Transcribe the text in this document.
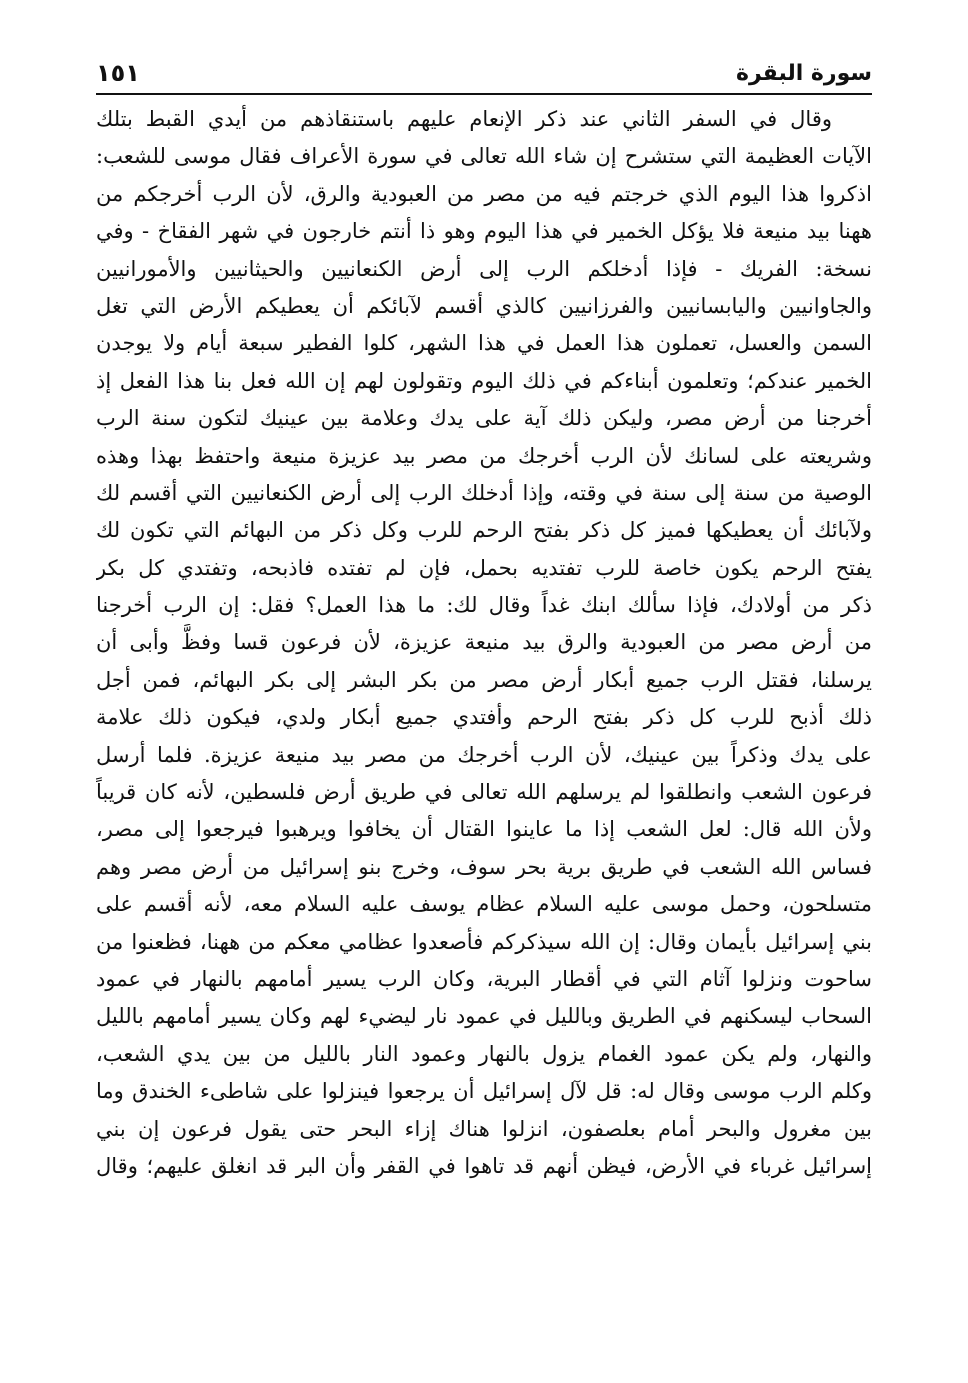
سورة البقرة
١٥١
وقال في السفر الثاني عند ذكر الإنعام عليهم باستنقاذهم من أيدي القبط بتلك
الآيات العظيمة التي ستشرح إن شاء الله تعالى في سورة الأعراف فقال موسى للشعب:
اذكروا هذا اليوم الذي خرجتم فيه من مصر من العبودية والرق، لأن الرب أخرجكم من
ههنا بيد منيعة فلا يؤكل الخمير في هذا اليوم وهو ذا أنتم خارجون في شهر الفقاخ - وفي
نسخة: الفريك - فإذا أدخلكم الرب إلى أرض الكنعانيين والحيثانيين والأمورانيين
والجاوانيين واليابسانيين والفرزانيين كالذي أقسم لآبائكم أن يعطيكم الأرض التي تغل
السمن والعسل، تعملون هذا العمل في هذا الشهر، كلوا الفطير سبعة أيام ولا يوجدن
الخمير عندكم؛ وتعلمون أبناءكم في ذلك اليوم وتقولون لهم إن الله فعل بنا هذا الفعل إذ
أخرجنا من أرض مصر، وليكن ذلك آية على يدك وعلامة بين عينيك لتكون سنة الرب
وشريعته على لسانك لأن الرب أخرجك من مصر بيد عزيزة منيعة واحتفظ بهذا وهذه
الوصية من سنة إلى سنة في وقته، وإذا أدخلك الرب إلى أرض الكنعانيين التي أقسم لك
ولآبائك أن يعطيكها فميز كل ذكر بفتح الرحم للرب وكل ذكر من البهائم التي تكون لك
يفتح الرحم يكون خاصة للرب تفتديه بحمل، فإن لم تفتده فاذبحه، وتفتدي كل بكر
ذكر من أولادك، فإذا سألك ابنك غداً وقال لك: ما هذا العمل؟ فقل: إن الرب أخرجنا
من أرض مصر من العبودية والرق بيد منيعة عزيزة، لأن فرعون قسا وفظَّ وأبى أن
يرسلنا، فقتل الرب جميع أبكار أرض مصر من بكر البشر إلى بكر البهائم، فمن أجل
ذلك أذبح للرب كل ذكر بفتح الرحم وأفتدي جميع أبكار ولدي، فيكون ذلك علامة
على يدك وذكراً بين عينيك، لأن الرب أخرجك من مصر بيد منيعة عزيزة. فلما أرسل
فرعون الشعب وانطلقوا لم يرسلهم الله تعالى في طريق أرض فلسطين، لأنه كان قريباً
ولأن الله قال: لعل الشعب إذا ما عاينوا القتال أن يخافوا ويرهبوا فيرجعوا إلى مصر،
فساس الله الشعب في طريق برية بحر سوف، وخرج بنو إسرائيل من أرض مصر وهم
متسلحون، وحمل موسى عليه السلام عظام يوسف عليه السلام معه، لأنه أقسم على
بني إسرائيل بأيمان وقال: إن الله سيذكركم فأصعدوا عظامي معكم من ههنا، فظعنوا من
ساحوت ونزلوا آثام التي في أقطار البرية، وكان الرب يسير أمامهم بالنهار في عمود
السحاب ليسكنهم في الطريق وبالليل في عمود نار ليضيء لهم وكان يسير أمامهم بالليل
والنهار، ولم يكن عمود الغمام يزول بالنهار وعمود النار بالليل من بين يدي الشعب،
وكلم الرب موسى وقال له: قل لآل إسرائيل أن يرجعوا فينزلوا على شاطىء الخندق وما
بين مغرول والبحر أمام بعلصفون، انزلوا هناك إزاء البحر حتى يقول فرعون إن بني
إسرائيل غرباء في الأرض، فيظن أنهم قد تاهوا في القفر وأن البر قد انغلق عليهم؛ وقال
